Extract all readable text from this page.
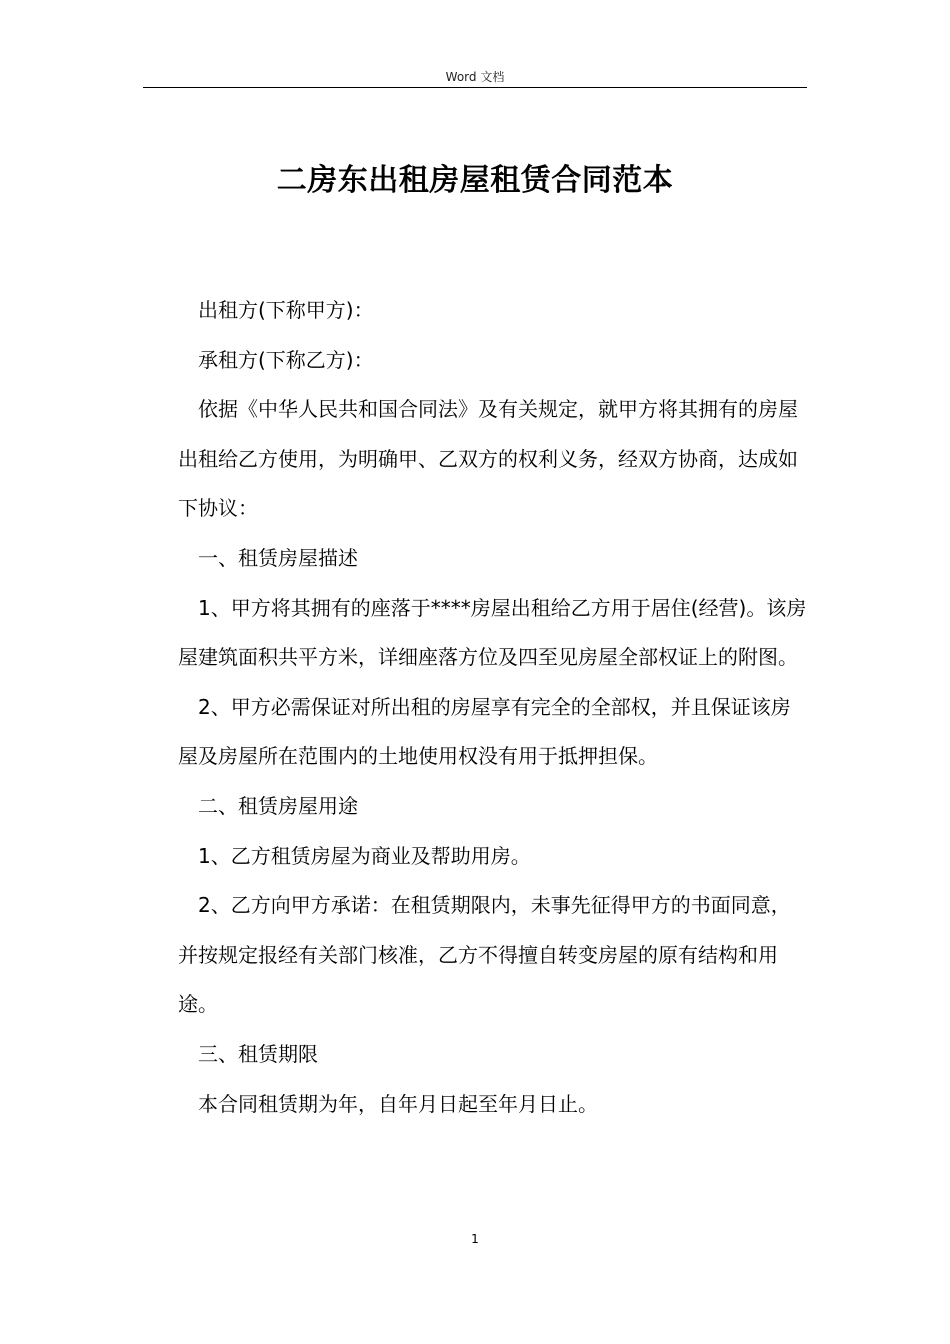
Word 文档
二房东出租房屋租赁合同范本

出租方(下称甲方)：

承租方(下称乙方)：

依据《中华人民共和国合同法》及有关规定，就甲方将其拥有的房屋出租给乙方使用，为明确甲、乙双方的权利义务，经双方协商，达成如下协议：

一、租赁房屋描述

1、甲方将其拥有的座落于****房屋出租给乙方用于居住(经营)。该房屋建筑面积共平方米，详细座落方位及四至见房屋全部权证上的附图。

2、甲方必需保证对所出租的房屋享有完全的全部权，并且保证该房屋及房屋所在范围内的土地使用权没有用于抵押担保。

二、租赁房屋用途

1、乙方租赁房屋为商业及帮助用房。

2、乙方向甲方承诺：在租赁期限内，未事先征得甲方的书面同意，并按规定报经有关部门核准，乙方不得擅自转变房屋的原有结构和用途。

三、租赁期限

本合同租赁期为年，自年月日起至年月日止。

1
